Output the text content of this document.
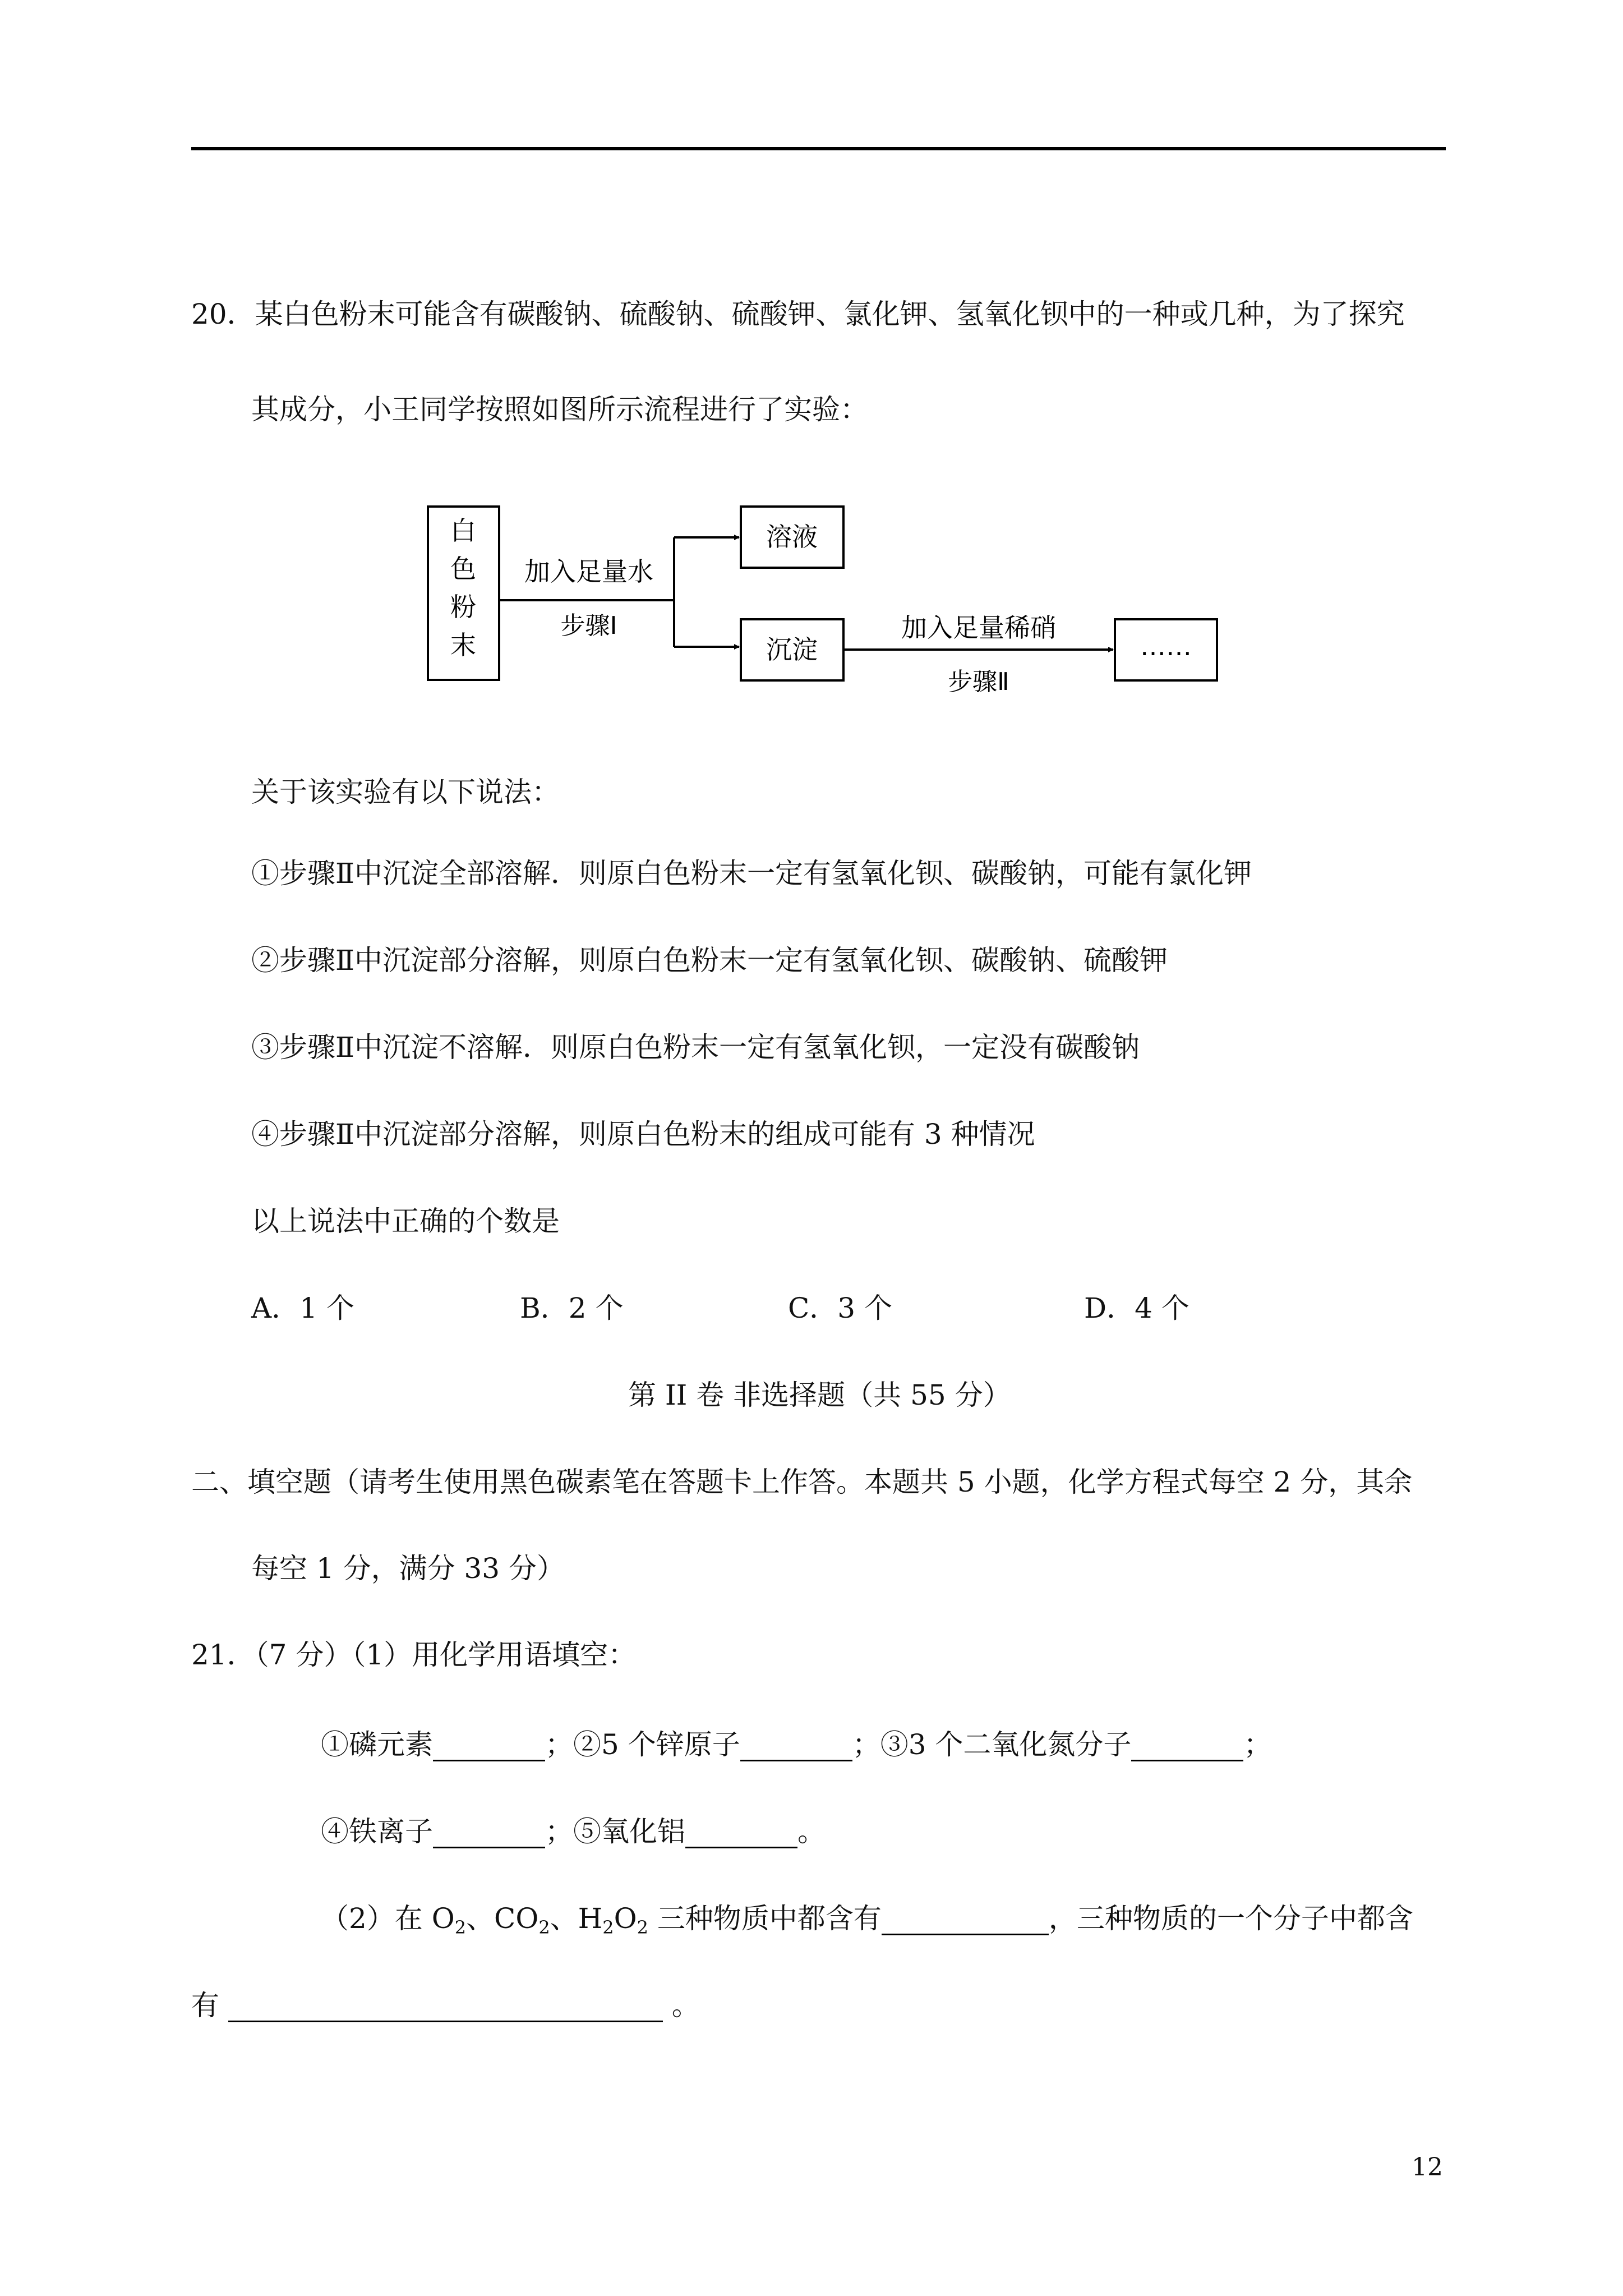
20．某白色粉末可能含有碳酸钠、硫酸钠、硫酸钾、氯化钾、氢氧化钡中的一种或几种，为了探究
其成分，小王同学按照如图所示流程进行了实验：
白
色
粉
末
加入足量水
步骤Ⅰ
溶液
沉淀
加入足量稀硝
步骤Ⅱ
……
关于该实验有以下说法：
①步骤Ⅱ中沉淀全部溶解．则原白色粉末一定有氢氧化钡、碳酸钠，可能有氯化钾
②步骤Ⅱ中沉淀部分溶解，则原白色粉末一定有氢氧化钡、碳酸钠、硫酸钾
③步骤Ⅱ中沉淀不溶解．则原白色粉末一定有氢氧化钡，一定没有碳酸钠
④步骤Ⅱ中沉淀部分溶解，则原白色粉末的组成可能有 3 种情况
以上说法中正确的个数是
A．1 个	B．2 个	C．3 个	D．4 个
第 II 卷 非选择题（共 55 分）
二、填空题（请考生使用黑色碳素笔在答题卡上作答。本题共 5 小题，化学方程式每空 2 分，其余
每空 1 分，满分 33 分）
21．（7 分）（1）用化学用语填空：
①磷元素	；②5 个锌原子	；③3 个二氧化氮分子	；
④铁离子	；⑤氧化铝	。
（2）在 $O_2$、$CO_2$、$H_2O_2$ 三种物质中都含有	，三种物质的一个分子中都含
有	。
12
